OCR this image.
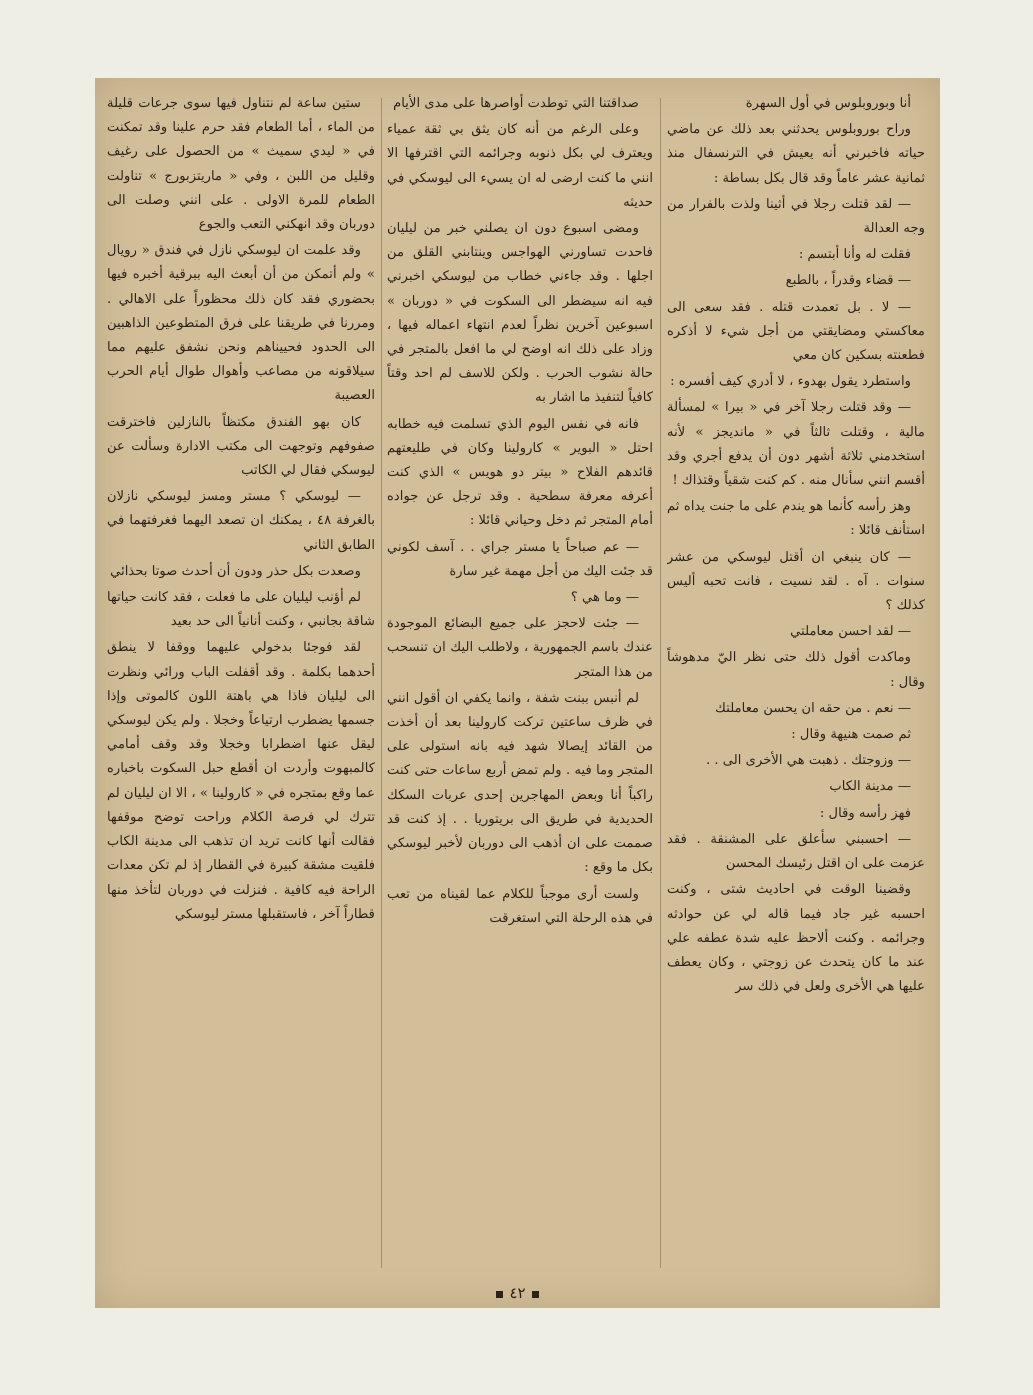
أنا وبوروبلوس في أول السهرة

وراح بوروبلوس يحدثني بعد ذلك عن ماضي حياته فاخبرني أنه يعيش في الترنسفال منذ ثمانية عشر عاماً وقد قال بكل بساطة :

— لقد قتلت رجلا في أثينا ولذت بالفرار من وجه العدالة

فقلت له وأنا أبتسم :

— قضاء وقدراً ، بالطبع

— لا . بل تعمدت قتله . فقد سعى الى معاكستي ومضايقتي من أجل شيء لا أذكره فطعنته بسكين كان معي

واستطرد يقول بهدوء ، لا أدري كيف أفسره :

— وقد قتلت رجلا آخر في « بيرا » لمسألة مالية ، وقتلت ثالثاً في « مانديجز » لأنه استخدمني ثلاثة أشهر دون أن يدفع أجري وقد أقسم انني سأنال منه . كم كنت شقياً وقتذاك !

وهز رأسه كأنما هو يندم على ما جنت يداه ثم استأنف قائلا :

— كان ينبغي ان أقتل ليوسكي من عشر سنوات . آه . لقد نسيت ، فانت تحبه أليس كذلك ؟

— لقد احسن معاملتي

وماكدت أقول ذلك حتى نظر اليّ مدهوشاً وقال :

— نعم . من حقه ان يحسن معاملتك

ثم صمت هنيهة وقال :

— وزوجتك . ذهبت هي الأخرى الى . .

— مدينة الكاب

فهز رأسه وقال :

— احسبني سأعلق على المشنقة . فقد عزمت على ان اقتل رئيسك المحسن

وقضينا الوقت في احاديث شتى ، وكنت احسبه غير جاد فيما قاله لي عن حوادثه وجرائمه . وكنت ألاحظ عليه شدة عطفه علي عند ما كان يتحدث عن زوجتي ، وكان يعطف عليها هي الأخرى ولعل في ذلك سر

صداقتنا التي توطدت أواصرها على مدى الأيام

وعلى الرغم من أنه كان يثق بي ثقة عمياء ويعترف لي بكل ذنوبه وجرائمه التي اقترفها الا انني ما كنت ارضى له ان يسيء الى ليوسكي في حديثه

ومضى اسبوع دون ان يصلني خبر من ليليان فاحدت تساورني الهواجس وينتابني القلق من اجلها . وقد جاءني خطاب من ليوسكي اخبرني فيه انه سيضطر الى السكوت في « دوربان » اسبوعين آخرين نظراً لعدم انتهاء اعماله فيها ، وزاد على ذلك انه اوضح لي ما افعل بالمتجر في حالة نشوب الحرب . ولكن للاسف لم احد وقتاً كافياً لتنفيذ ما اشار به

فانه في نفس اليوم الذي تسلمت فيه خطابه احتل « البوير » كارولينا وكان في طليعتهم قائدهم الفلاح « بيتر دو هويس » الذي كنت أعرفه معرفة سطحية . وقد ترجل عن جواده أمام المتجر ثم دخل وحياني قائلا :

— عم صباحاً يا مستر جراي . . آسف لكوني قد جئت اليك من أجل مهمة غير سارة

— وما هي ؟

— جئت لاحجز على جميع البضائع الموجودة عندك باسم الجمهورية ، ولاطلب اليك ان تنسحب من هذا المتجر

لم أنبس ببنت شفة ، وانما يكفي ان أقول انني في ظرف ساعتين تركت كارولينا بعد أن أخذت من القائد إيصالا شهد فيه بانه استولى على المتجر وما فيه . ولم تمض أربع ساعات حتى كنت راكباً أنا وبعض المهاجرين إحدى عربات السكك الحديدية في طريق الى بريتوريا . . إذ كنت قد صممت على ان أذهب الى دوربان لأخبر ليوسكي بكل ما وقع :

ولست أرى موجباً للكلام عما لقيناه من تعب في هذه الرحلة التي استغرقت

ستين ساعة لم نتناول فيها سوى جرعات قليلة من الماء ، أما الطعام فقد حرم علينا وقد تمكنت في « ليدي سميث » من الحصول على رغيف وقليل من اللبن ، وفي « ماريتزبورج » تناولت الطعام للمرة الاولى . على انني وصلت الى دوربان وقد انهكني التعب والجوع

وقد علمت ان ليوسكي نازل في فندق « رويال » ولم أتمكن من أن أبعث اليه ببرقية أخبره فيها بحضوري فقد كان ذلك محظوراً على الاهالي . ومررنا في طريقنا على فرق المتطوعين الذاهبين الى الحدود فحييناهم ونحن نشفق عليهم مما سيلاقونه من مصاعب وأهوال طوال أيام الحرب العصيبة

كان بهو الفندق مكتظاً بالنازلين فاخترقت صفوفهم وتوجهت الى مكتب الادارة وسألت عن ليوسكي فقال لي الكاتب

— ليوسكي ؟ مستر ومسز ليوسكي نازلان بالغرفة ٤٨ ، يمكنك ان تصعد اليهما فغرفتهما في الطابق الثاني

وصعدت بكل حذر ودون أن أحدث صوتا بحذائي

لم أؤنب ليليان على ما فعلت ، فقد كانت حياتها شاقة بجانبي ، وكنت أنانياً الى حد بعيد

لقد فوجئا بدخولي عليهما ووقفا لا ينطق أحدهما بكلمة . وقد أقفلت الباب ورائي ونظرت الى ليليان فاذا هي باهتة اللون كالموتى وإذا جسمها يضطرب ارتياعاً وخجلا . ولم يكن ليوسكي ليقل عنها اضطرابا وخجلا وقد وقف أمامي كالمبهوت وأردت ان أقطع حبل السكوت باخباره عما وقع بمتجره في « كارولينا » ، الا ان ليليان لم تترك لي فرصة الكلام وراحت توضح موقفها فقالت أنها كانت تريد ان تذهب الى مدينة الكاب فلقيت مشقة كبيرة في القطار إذ لم تكن معدات الراحة فيه كافية . فنزلت في دوربان لتأخذ منها قطاراً آخر ، فاستقبلها مستر ليوسكي

٤٢
